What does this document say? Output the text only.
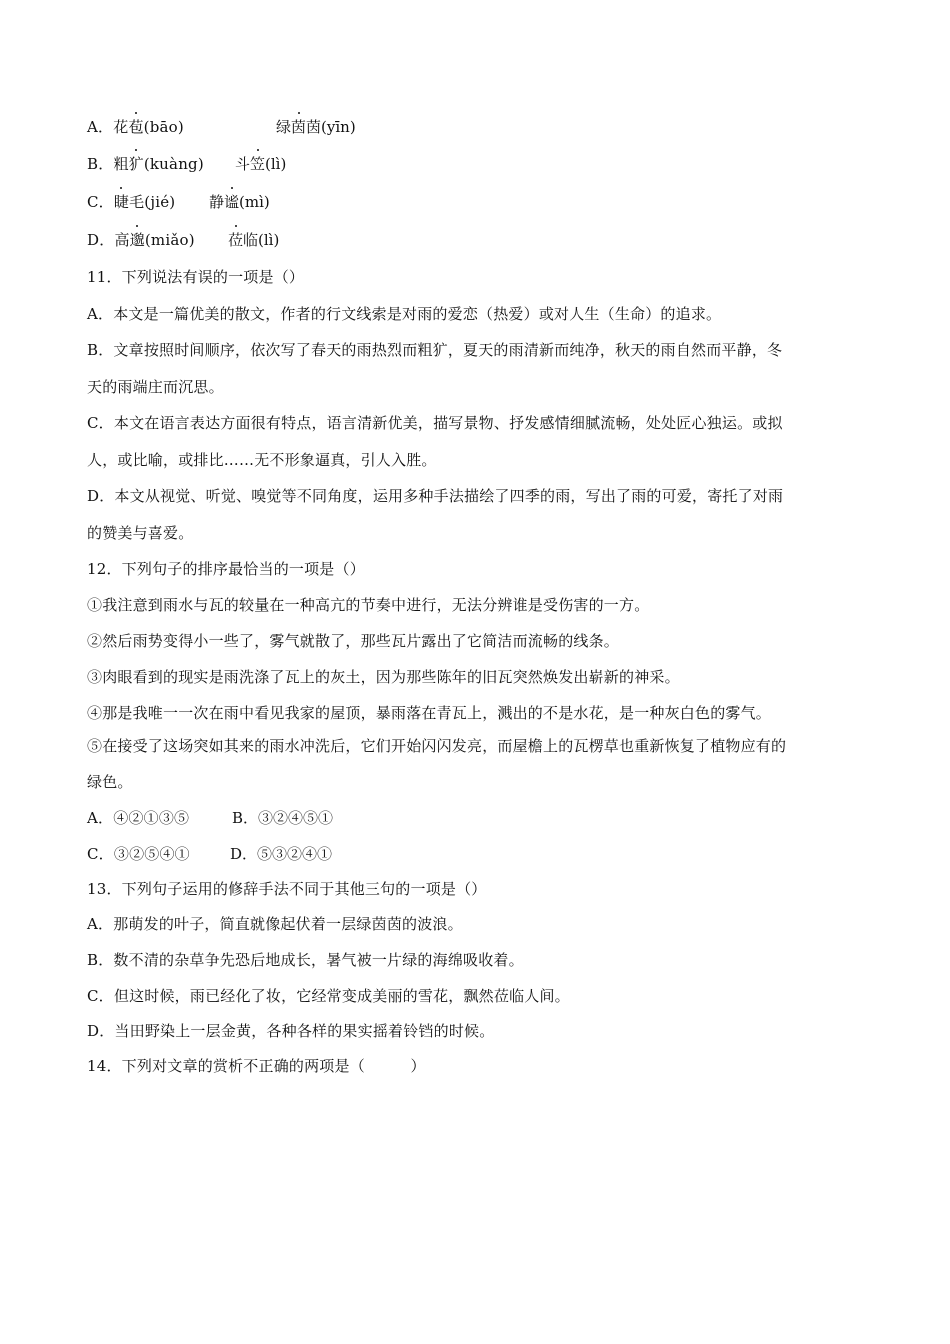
A．花苞(bāo)	绿茵茵(yīn)
B．粗犷(kuàng) 斗笠(lì)
C．睫毛(jié) 静谧(mì)
D．高邈(miǎo) 莅临(lì)
11．下列说法有误的一项是（）
A．本文是一篇优美的散文，作者的行文线索是对雨的爱恋（热爱）或对人生（生命）的追求。
B．文章按照时间顺序，依次写了春天的雨热烈而粗犷，夏天的雨清新而纯净，秋天的雨自然而平静，冬
天的雨端庄而沉思。
C．本文在语言表达方面很有特点，语言清新优美，描写景物、抒发感情细腻流畅，处处匠心独运。或拟
人，或比喻，或排比……无不形象逼真，引人入胜。
D．本文从视觉、听觉、嗅觉等不同角度，运用多种手法描绘了四季的雨，写出了雨的可爱，寄托了对雨
的赞美与喜爱。
12．下列句子的排序最恰当的一项是（）
①我注意到雨水与瓦的较量在一种高亢的节奏中进行，无法分辨谁是受伤害的一方。
②然后雨势变得小一些了，雾气就散了，那些瓦片露出了它简洁而流畅的线条。
③肉眼看到的现实是雨洗涤了瓦上的灰土，因为那些陈年的旧瓦突然焕发出崭新的神采。
④那是我唯一一次在雨中看见我家的屋顶，暴雨落在青瓦上，溅出的不是水花，是一种灰白色的雾气。
⑤在接受了这场突如其来的雨水冲洗后，它们开始闪闪发亮，而屋檐上的瓦楞草也重新恢复了植物应有的
绿色。
A．④②①③⑤	B．③②④⑤①
C．③②⑤④①	D．⑤③②④①
13．下列句子运用的修辞手法不同于其他三句的一项是（）
A．那萌发的叶子，简直就像起伏着一层绿茵茵的波浪。
B．数不清的杂草争先恐后地成长，暑气被一片绿的海绵吸收着。
C．但这时候，雨已经化了妆，它经常变成美丽的雪花，飘然莅临人间。
D．当田野染上一层金黄，各种各样的果实摇着铃铛的时候。
14．下列对文章的赏析不正确的两项是（　　　）
